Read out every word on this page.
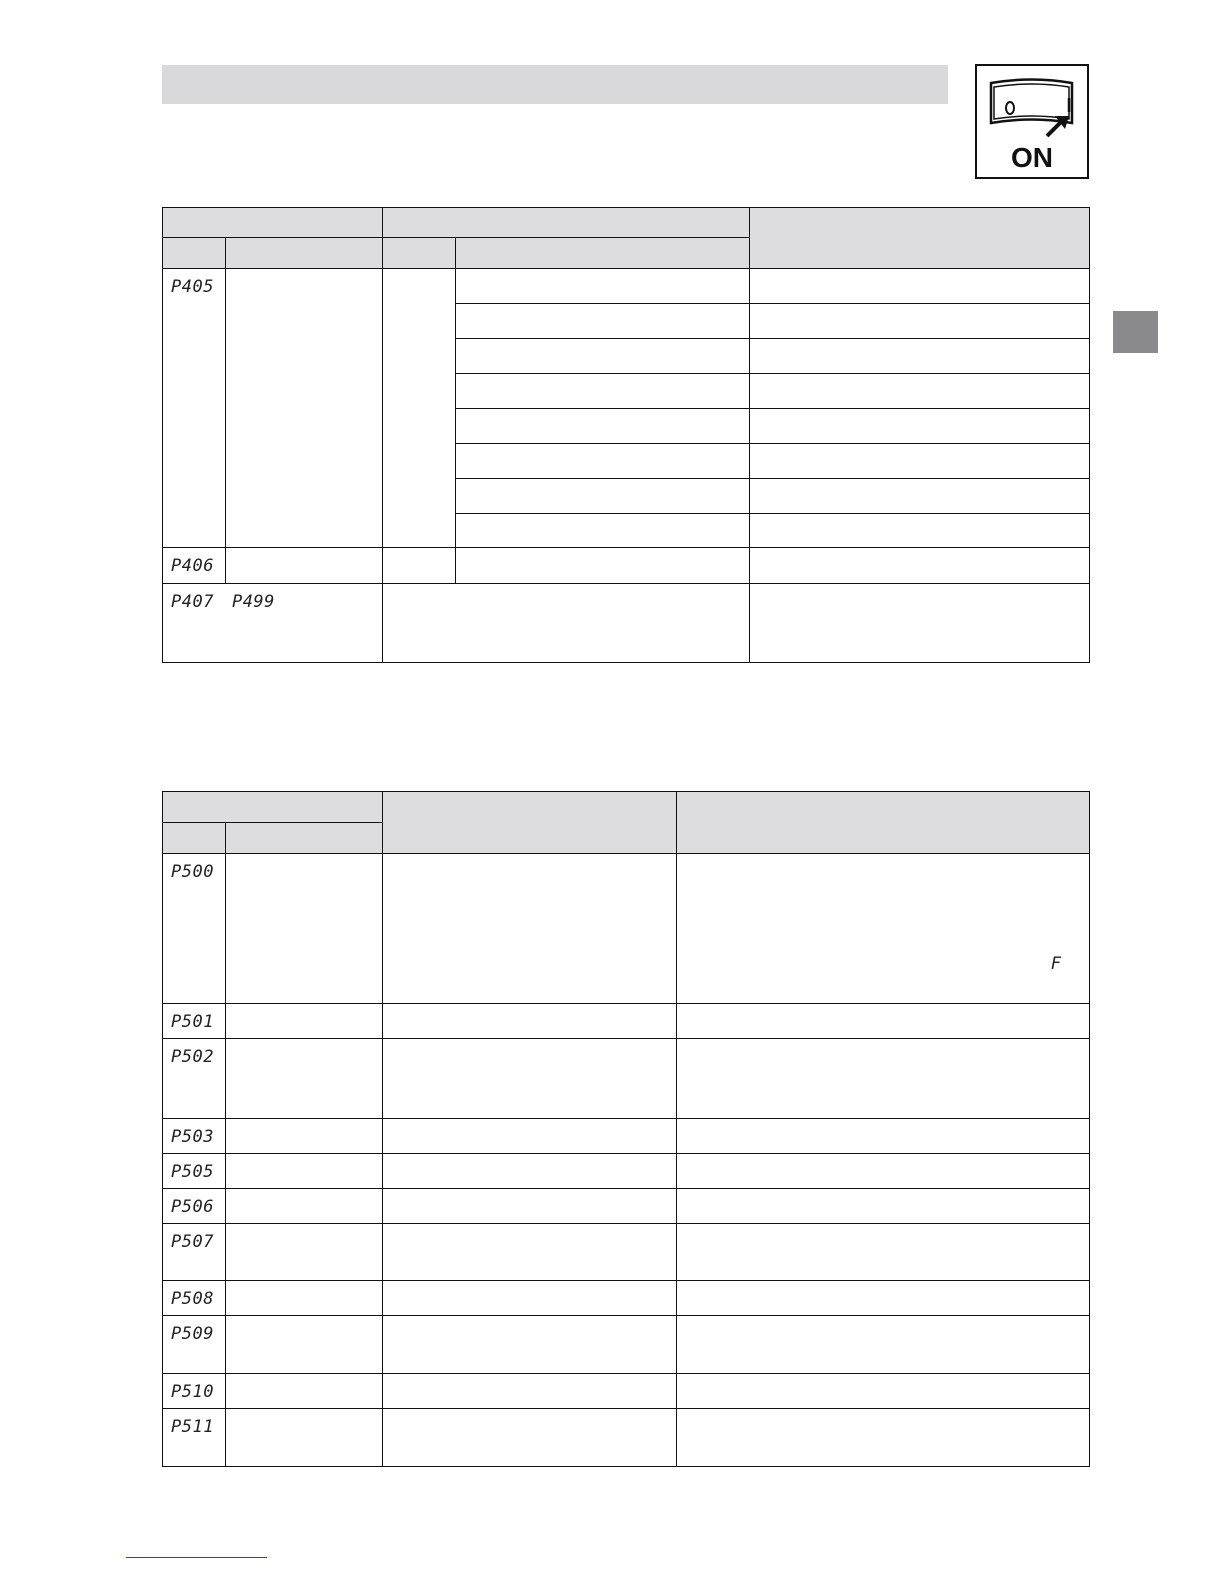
ON

P405				

P406				
P407 P499				

P500			F

P501			
P502			
P503			
P505			
P506			
P507			
P508			
P509			
P510			
P511			
